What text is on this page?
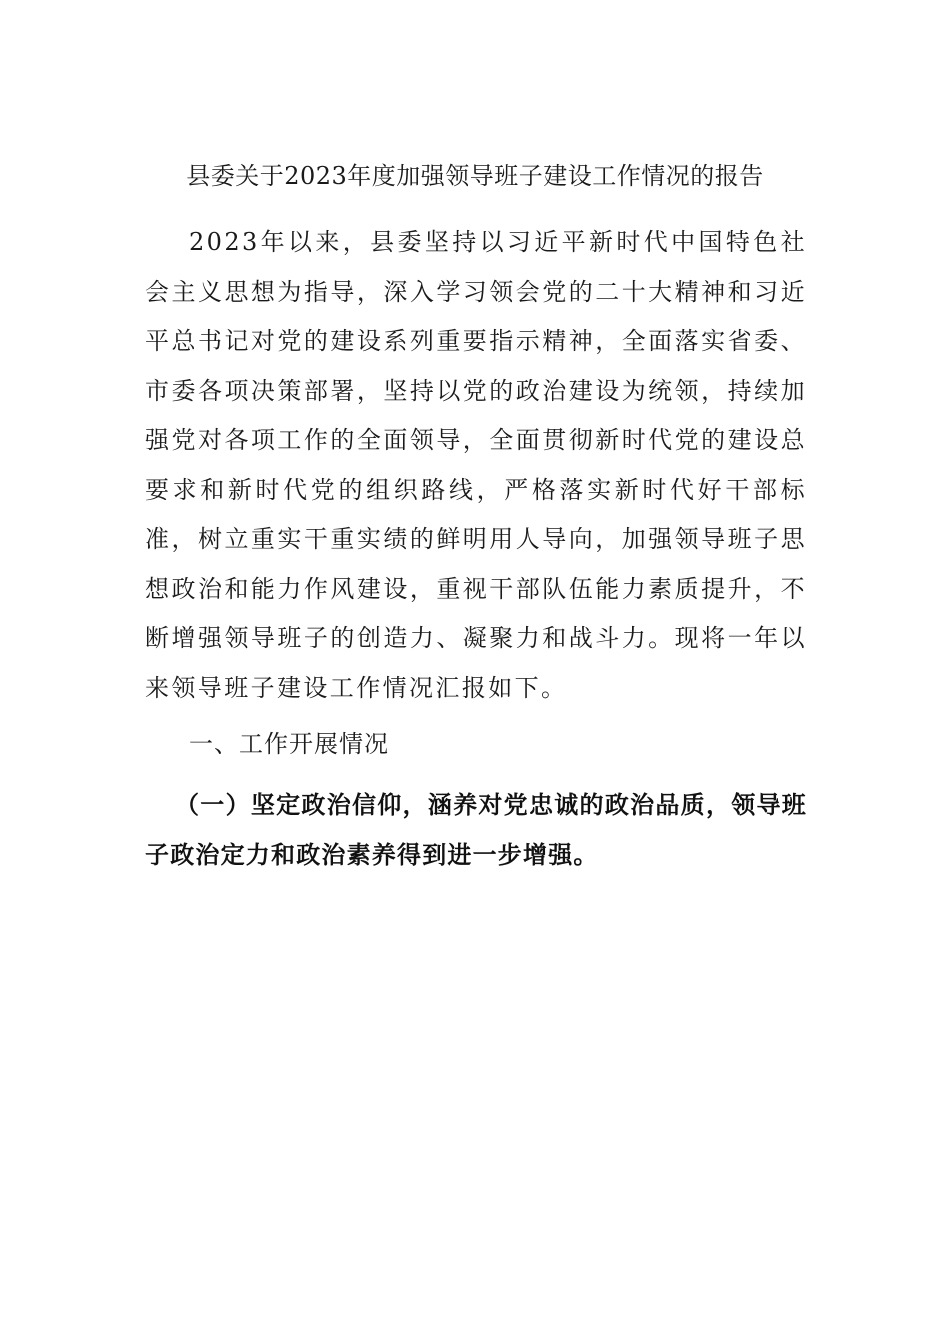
县委关于2023年度加强领导班子建设工作情况的报告

2023年以来，县委坚持以习近平新时代中国特色社会主义思想为指导，深入学习领会党的二十大精神和习近平总书记对党的建设系列重要指示精神，全面落实省委、市委各项决策部署，坚持以党的政治建设为统领，持续加强党对各项工作的全面领导，全面贯彻新时代党的建设总要求和新时代党的组织路线，严格落实新时代好干部标准，树立重实干重实绩的鲜明用人导向，加强领导班子思想政治和能力作风建设，重视干部队伍能力素质提升，不断增强领导班子的创造力、凝聚力和战斗力。现将一年以来领导班子建设工作情况汇报如下。

一、工作开展情况

（一）坚定政治信仰，涵养对党忠诚的政治品质，领导班子政治定力和政治素养得到进一步增强。
